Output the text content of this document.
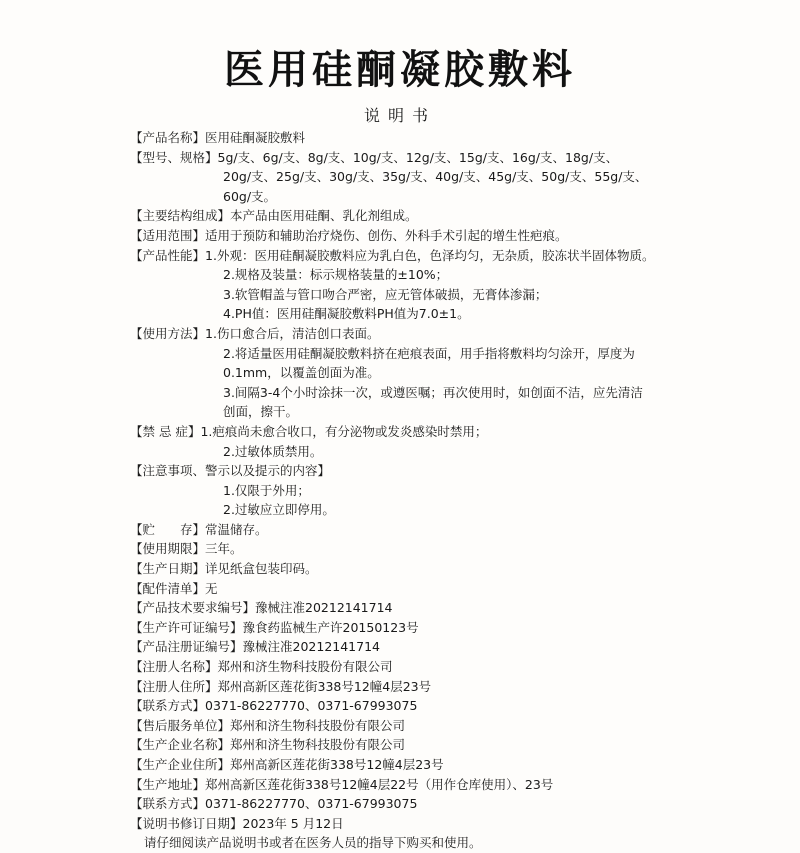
医用硅酮凝胶敷料
说明书
【产品名称】 医用硅酮凝胶敷料
【型号、规格】 5g/支、6g/支、8g/支、10g/支、12g/支、15g/支、16g/支、18g/支、
20g/支、25g/支、30g/支、35g/支、40g/支、45g/支、50g/支、55g/支、
60g/支。
【主要结构组成】 本产品由医用硅酮、乳化剂组成。
【适用范围】 适用于预防和辅助治疗烧伤、创伤、外科手术引起的增生性疤痕。
【产品性能】 1.外观：医用硅酮凝胶敷料应为乳白色，色泽均匀，无杂质，胶冻状半固体物质。
2.规格及装量：标示规格装量的±10%；
3.软管帽盖与管口吻合严密，应无管体破损，无膏体渗漏；
4.PH值：医用硅酮凝胶敷料PH值为7.0±1。
【使用方法】 1.伤口愈合后，清洁创口表面。
2.将适量医用硅酮凝胶敷料挤在疤痕表面，用手指将敷料均匀涂开，厚度为
0.1mm，以覆盖创面为准。
3.间隔3-4个小时涂抹一次，或遵医嘱；再次使用时，如创面不洁，应先清洁
创面，擦干。
【禁 忌 症】 1.疤痕尚未愈合收口，有分泌物或发炎感染时禁用；
2.过敏体质禁用。
【注意事项、警示以及提示的内容】
1.仅限于外用；
2.过敏应立即停用。
【贮　　存】 常温储存。
【使用期限】 三年。
【生产日期】 详见纸盒包装印码。
【配件清单】 无
【产品技术要求编号】 豫械注准20212141714
【生产许可证编号】 豫食药监械生产许20150123号
【产品注册证编号】 豫械注准20212141714
【注册人名称】 郑州和济生物科技股份有限公司
【注册人住所】 郑州高新区莲花街338号12幢4层23号
【联系方式】 0371-86227770、0371-67993075
【售后服务单位】 郑州和济生物科技股份有限公司
【生产企业名称】 郑州和济生物科技股份有限公司
【生产企业住所】 郑州高新区莲花街338号12幢4层23号
【生产地址】 郑州高新区莲花街338号12幢4层22号（用作仓库使用）、23号
【联系方式】 0371-86227770、0371-67993075
【说明书修订日期】 2023年 5 月12日
请仔细阅读产品说明书或者在医务人员的指导下购买和使用。
